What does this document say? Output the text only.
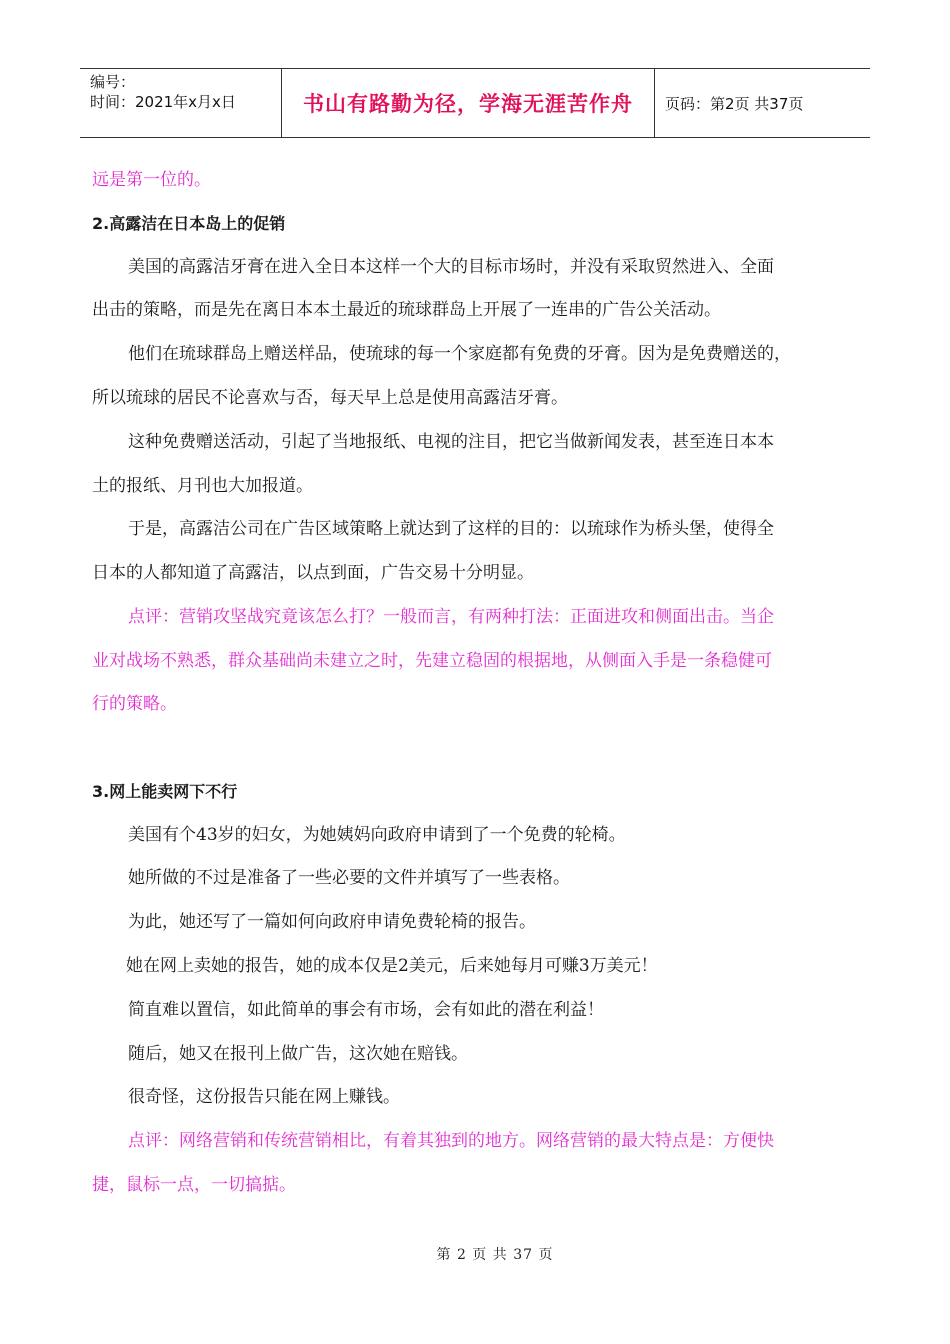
编号：
时间：2021年x月x日	书山有路勤为径，学海无涯苦作舟	页码：第2页 共37页
远是第一位的。
2.高露洁在日本岛上的促销
美国的高露洁牙膏在进入全日本这样一个大的目标市场时，并没有采取贸然进入、全面
出击的策略，而是先在离日本本土最近的琉球群岛上开展了一连串的广告公关活动。
他们在琉球群岛上赠送样品，使琉球的每一个家庭都有免费的牙膏。因为是免费赠送的，
所以琉球的居民不论喜欢与否，每天早上总是使用高露洁牙膏。
这种免费赠送活动，引起了当地报纸、电视的注目，把它当做新闻发表，甚至连日本本
土的报纸、月刊也大加报道。
于是，高露洁公司在广告区域策略上就达到了这样的目的：以琉球作为桥头堡，使得全
日本的人都知道了高露洁，以点到面，广告交易十分明显。
点评：营销攻坚战究竟该怎么打？一般而言，有两种打法：正面进攻和侧面出击。当企
业对战场不熟悉，群众基础尚未建立之时，先建立稳固的根据地，从侧面入手是一条稳健可
行的策略。
3.网上能卖网下不行
美国有个43岁的妇女，为她姨妈向政府申请到了一个免费的轮椅。
她所做的不过是准备了一些必要的文件并填写了一些表格。
为此，她还写了一篇如何向政府申请免费轮椅的报告。
她在网上卖她的报告，她的成本仅是2美元，后来她每月可赚3万美元！
简直难以置信，如此简单的事会有市场，会有如此的潜在利益！
随后，她又在报刊上做广告，这次她在赔钱。
很奇怪，这份报告只能在网上赚钱。
点评：网络营销和传统营销相比，有着其独到的地方。网络营销的最大特点是：方便快
捷，鼠标一点，一切搞掂。
第 2 页 共 37 页
